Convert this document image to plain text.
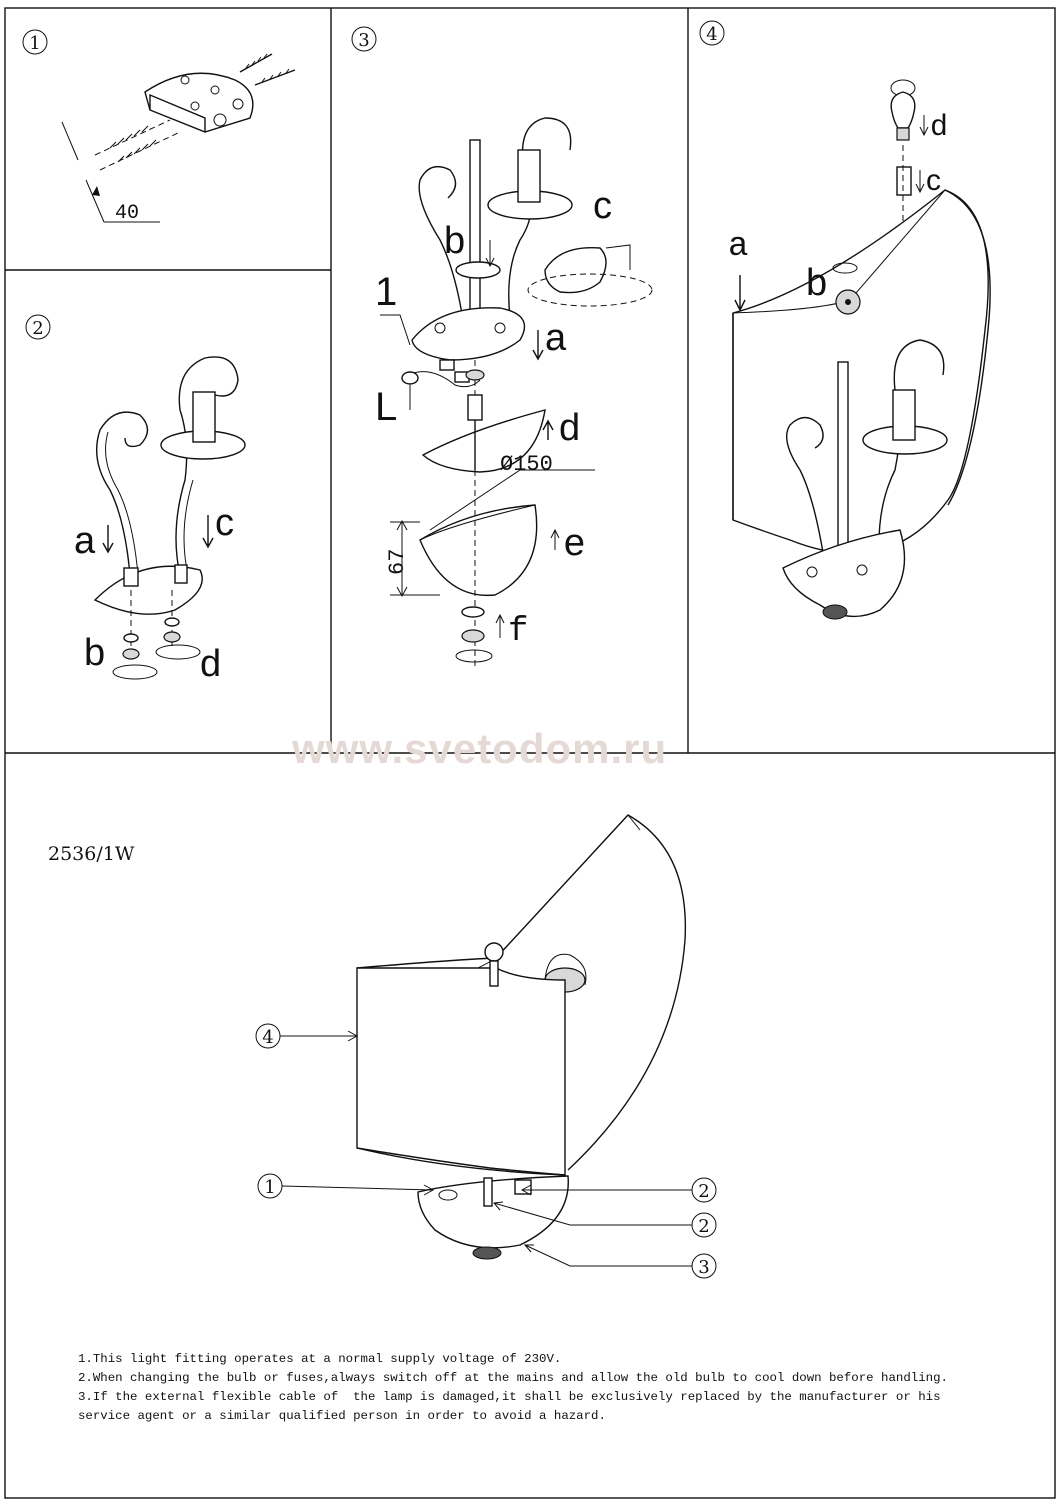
1
40
2
a	c
b d
3
67
Ø150
1
L
b
c
a
d
e
f
4
d
c
b
a
4
1	2
2
3
www.svetodom.ru
2536/1W
1.This light fitting operates at a normal supply voltage of 230V.
2.When changing the bulb or fuses,always switch off at the mains and allow the old bulb to cool down before handling.
3.If the external flexible cable of  the lamp is damaged,it shall be exclusively replaced by the manufacturer or his
service agent or a similar qualified person in order to avoid a hazard.
